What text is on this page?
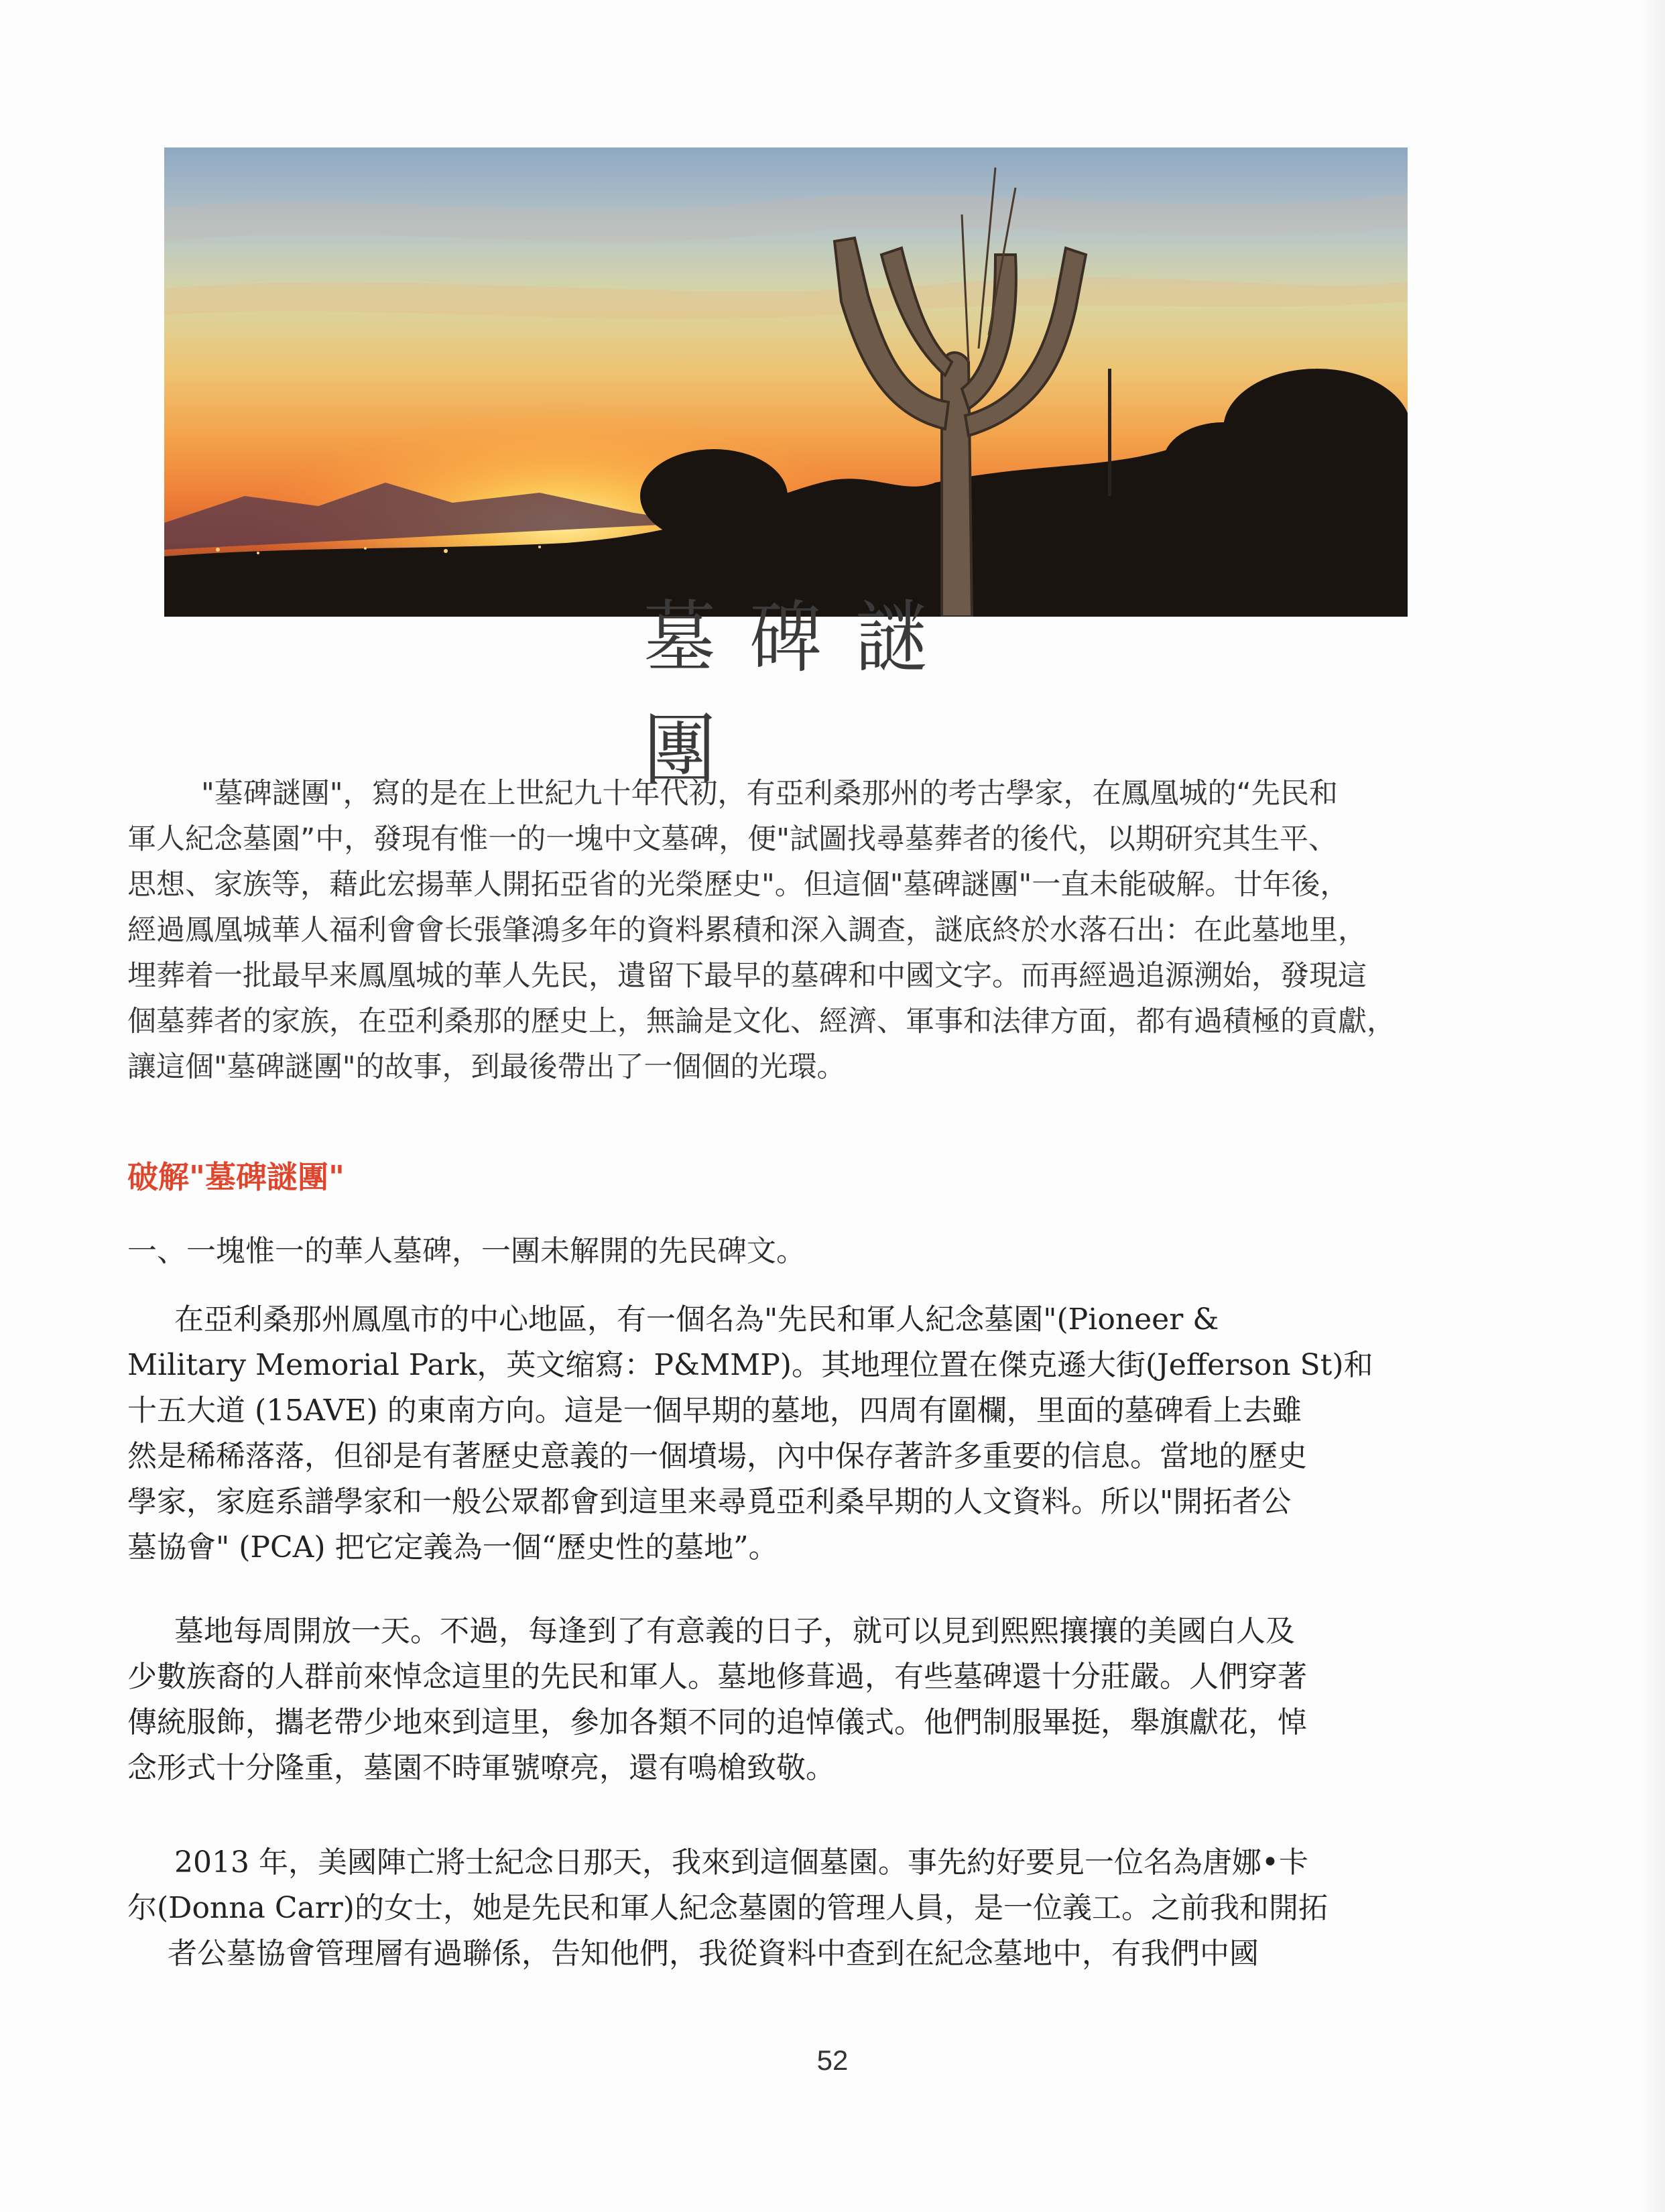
墓碑謎團
"墓碑謎團"，寫的是在上世紀九十年代初，有亞利桑那州的考古學家，在鳳凰城的“先民和
軍人紀念墓園”中，發現有惟一的一塊中文墓碑，便"試圖找尋墓葬者的後代，以期研究其生平、
思想、家族等，藉此宏揚華人開拓亞省的光榮歷史"。但這個"墓碑謎團"一直未能破解。廿年後，
經過鳳凰城華人福利會會长張肇鴻多年的資料累積和深入調查，謎底終於水落石出：在此墓地里，
埋葬着一批最早来鳳凰城的華人先民，遺留下最早的墓碑和中國文字。而再經過追源溯始，發現這
個墓葬者的家族，在亞利桑那的歷史上，無論是文化、經濟、軍事和法律方面，都有過積極的貢獻，
讓這個"墓碑謎團"的故事，到最後帶出了一個個的光環。
破解"墓碑謎團"
一、一塊惟一的華人墓碑，一團未解開的先民碑文。
在亞利桑那州鳳凰市的中心地區，有一個名為"先民和軍人紀念墓園"(Pioneer &
Military Memorial Park，英文缩寫：P&MMP)。其地理位置在傑克遜大街(Jefferson St)和
十五大道 (15AVE) 的東南方向。這是一個早期的墓地，四周有圍欄，里面的墓碑看上去雖
然是稀稀落落，但卻是有著歷史意義的一個墳場，內中保存著許多重要的信息。當地的歷史
學家，家庭系譜學家和一般公眾都會到這里来尋覓亞利桑早期的人文資料。所以"開拓者公
墓協會" (PCA) 把它定義為一個“歷史性的墓地”。
墓地每周開放一天。不過，每逢到了有意義的日子，就可以見到熙熙攘攘的美國白人及
少數族裔的人群前來悼念這里的先民和軍人。墓地修葺過，有些墓碑還十分莊嚴。人們穿著
傳統服飾，攜老帶少地來到這里，參加各類不同的追悼儀式。他們制服畢挺，舉旗獻花，悼
念形式十分隆重，墓園不時軍號嘹亮，還有鳴槍致敬。
2013 年，美國陣亡將士紀念日那天，我來到這個墓園。事先約好要見一位名為唐娜•卡
尔(Donna Carr)的女士，她是先民和軍人紀念墓園的管理人員，是一位義工。之前我和開拓
者公墓協會管理層有過聯係，告知他們，我從資料中查到在紀念墓地中，有我們中國
52
